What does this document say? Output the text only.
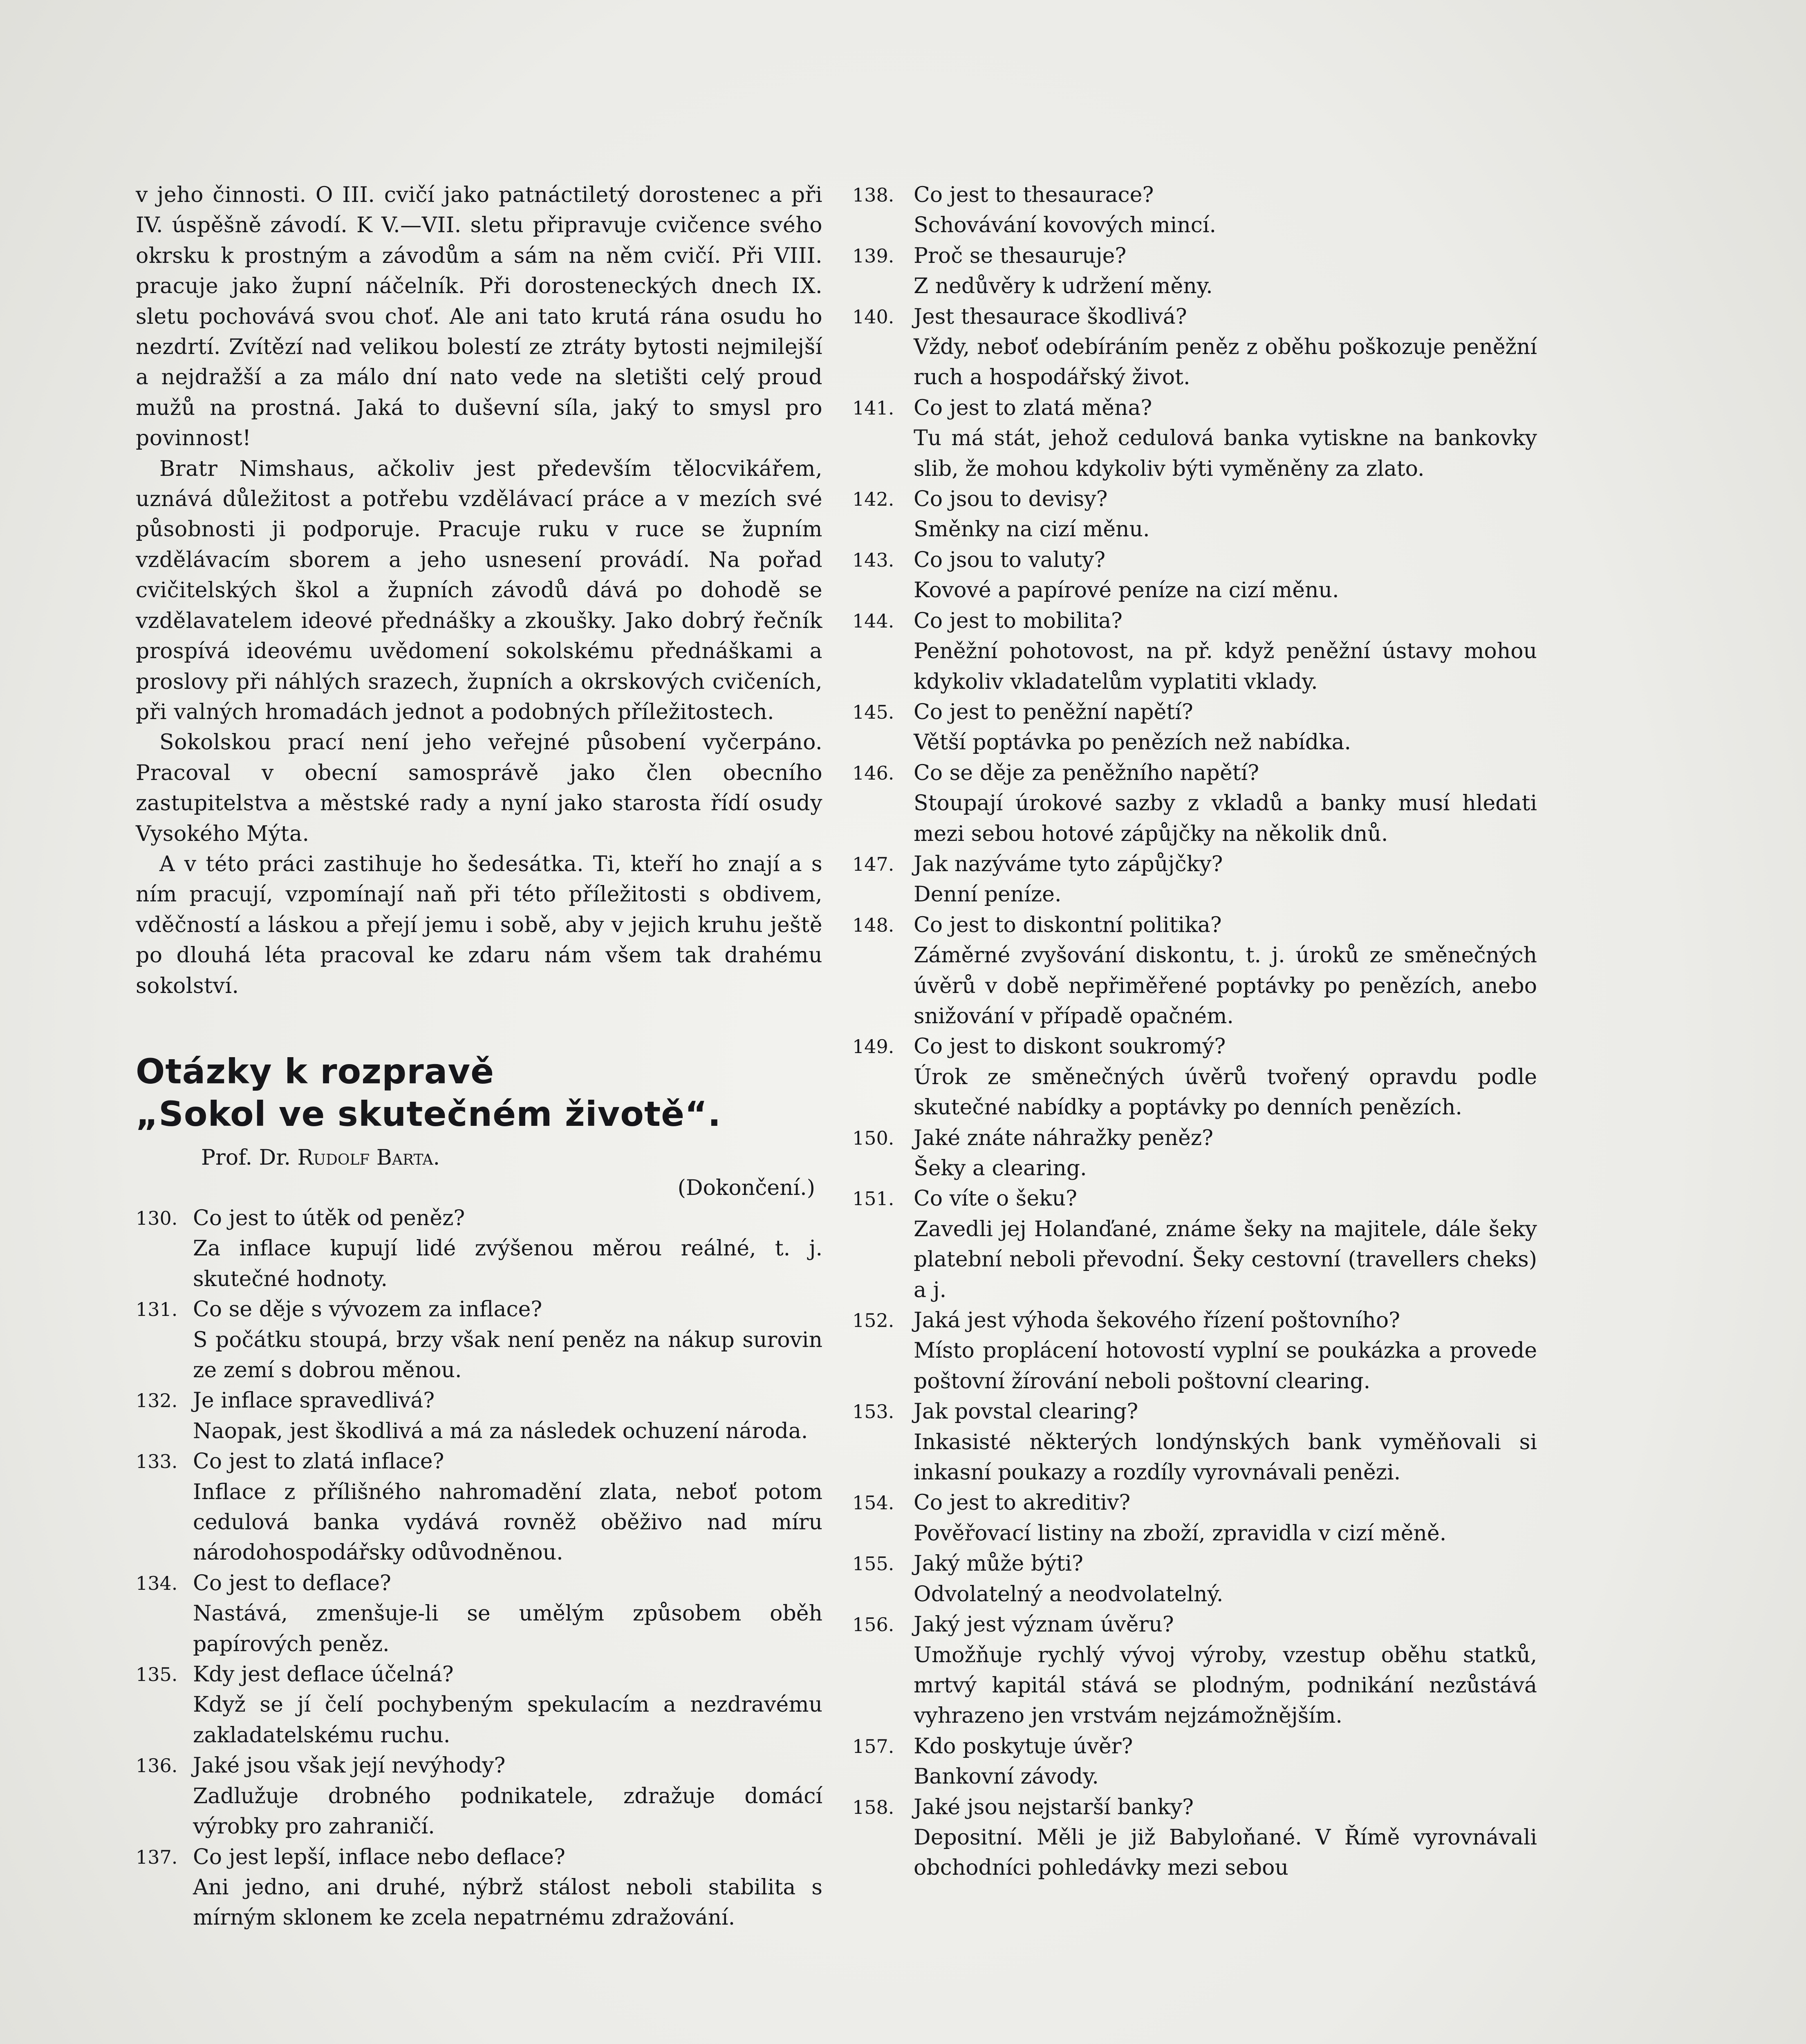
v jeho činnosti. O III. cvičí jako patnáctiletý dorostenec a při IV. úspěšně závodí. K V.—VII. sletu připravuje cvičence svého okrsku k prostným a závodům a sám na něm cvičí. Při VIII. pracuje jako župní náčelník. Při dorosteneckých dnech IX. sletu pochovává svou choť. Ale ani tato krutá rána osudu ho nezdrtí. Zvítězí nad velikou bolestí ze ztráty bytosti nejmilejší a nejdražší a za málo dní nato vede na sletišti celý proud mužů na prostná. Jaká to duševní síla, jaký to smysl pro povinnost!

Bratr Nimshaus, ačkoliv jest především tělocvikářem, uznává důležitost a potřebu vzdělávací práce a v mezích své působnosti ji podporuje. Pracuje ruku v ruce se župním vzdělávacím sborem a jeho usnesení provádí. Na pořad cvičitelských škol a župních závodů dává po dohodě se vzdělavatelem ideové přednášky a zkoušky. Jako dobrý řečník prospívá ideovému uvědomení sokolskému přednáškami a proslovy při náhlých srazech, župních a okrskových cvičeních, při valných hromadách jednot a podobných příležitostech.

Sokolskou prací není jeho veřejné působení vyčerpáno. Pracoval v obecní samosprávě jako člen obecního zastupitelstva a městské rady a nyní jako starosta řídí osudy Vysokého Mýta.

A v této práci zastihuje ho šedesátka. Ti, kteří ho znají a s ním pracují, vzpomínají naň při této příležitosti s obdivem, vděčností a láskou a přejí jemu i sobě, aby v jejich kruhu ještě po dlouhá léta pracoval ke zdaru nám všem tak drahému sokolství.

Otázky k rozpravě
„Sokol ve skutečném životě“.
Prof. Dr. Rudolf Barta.
(Dokončení.)
130. Co jest to útěk od peněz?
Za inflace kupují lidé zvýšenou měrou reálné, t. j. skutečné hodnoty.
131. Co se děje s vývozem za inflace?
S počátku stoupá, brzy však není peněz na nákup surovin ze zemí s dobrou měnou.
132. Je inflace spravedlivá?
Naopak, jest škodlivá a má za následek ochuzení národa.
133. Co jest to zlatá inflace?
Inflace z přílišného nahromadění zlata, neboť potom cedulová banka vydává rovněž oběživo nad míru národohospodářsky odůvodněnou.
134. Co jest to deflace?
Nastává, zmenšuje-li se umělým způsobem oběh papírových peněz.
135. Kdy jest deflace účelná?
Když se jí čelí pochybeným spekulacím a nezdravému zakladatelskému ruchu.
136. Jaké jsou však její nevýhody?
Zadlužuje drobného podnikatele, zdražuje domácí výrobky pro zahraničí.
137. Co jest lepší, inflace nebo deflace?
Ani jedno, ani druhé, nýbrž stálost neboli stabilita s mírným sklonem ke zcela nepatrnému zdražování.
138. Co jest to thesaurace?
Schovávání kovových mincí.
139. Proč se thesauruje?
Z nedůvěry k udržení měny.
140. Jest thesaurace škodlivá?
Vždy, neboť odebíráním peněz z oběhu poškozuje peněžní ruch a hospodářský život.
141. Co jest to zlatá měna?
Tu má stát, jehož cedulová banka vytiskne na bankovky slib, že mohou kdykoliv býti vyměněny za zlato.
142. Co jsou to devisy?
Směnky na cizí měnu.
143. Co jsou to valuty?
Kovové a papírové peníze na cizí měnu.
144. Co jest to mobilita?
Peněžní pohotovost, na př. když peněžní ústavy mohou kdykoliv vkladatelům vyplatiti vklady.
145. Co jest to peněžní napětí?
Větší poptávka po penězích než nabídka.
146. Co se děje za peněžního napětí?
Stoupají úrokové sazby z vkladů a banky musí hledati mezi sebou hotové zápůjčky na několik dnů.
147. Jak nazýváme tyto zápůjčky?
Denní peníze.
148. Co jest to diskontní politika?
Záměrné zvyšování diskontu, t. j. úroků ze směnečných úvěrů v době nepřiměřené poptávky po penězích, anebo snižování v případě opačném.
149. Co jest to diskont soukromý?
Úrok ze směnečných úvěrů tvořený opravdu podle skutečné nabídky a poptávky po denních penězích.
150. Jaké znáte náhražky peněz?
Šeky a clearing.
151. Co víte o šeku?
Zavedli jej Holanďané, známe šeky na majitele, dále šeky platební neboli převodní. Šeky cestovní (travellers cheks) a j.
152. Jaká jest výhoda šekového řízení poštovního?
Místo proplácení hotovostí vyplní se poukázka a provede poštovní žírování neboli poštovní clearing.
153. Jak povstal clearing?
Inkasisté některých londýnských bank vyměňovali si inkasní poukazy a rozdíly vyrovnávali penězi.
154. Co jest to akreditiv?
Pověřovací listiny na zboží, zpravidla v cizí měně.
155. Jaký může býti?
Odvolatelný a neodvolatelný.
156. Jaký jest význam úvěru?
Umožňuje rychlý vývoj výroby, vzestup oběhu statků, mrtvý kapitál stává se plodným, podnikání nezůstává vyhrazeno jen vrstvám nejzámožnějším.
157. Kdo poskytuje úvěr?
Bankovní závody.
158. Jaké jsou nejstarší banky?
Depositní. Měli je již Babyloňané. V Římě vyrovnávali obchodníci pohledávky mezi sebou
